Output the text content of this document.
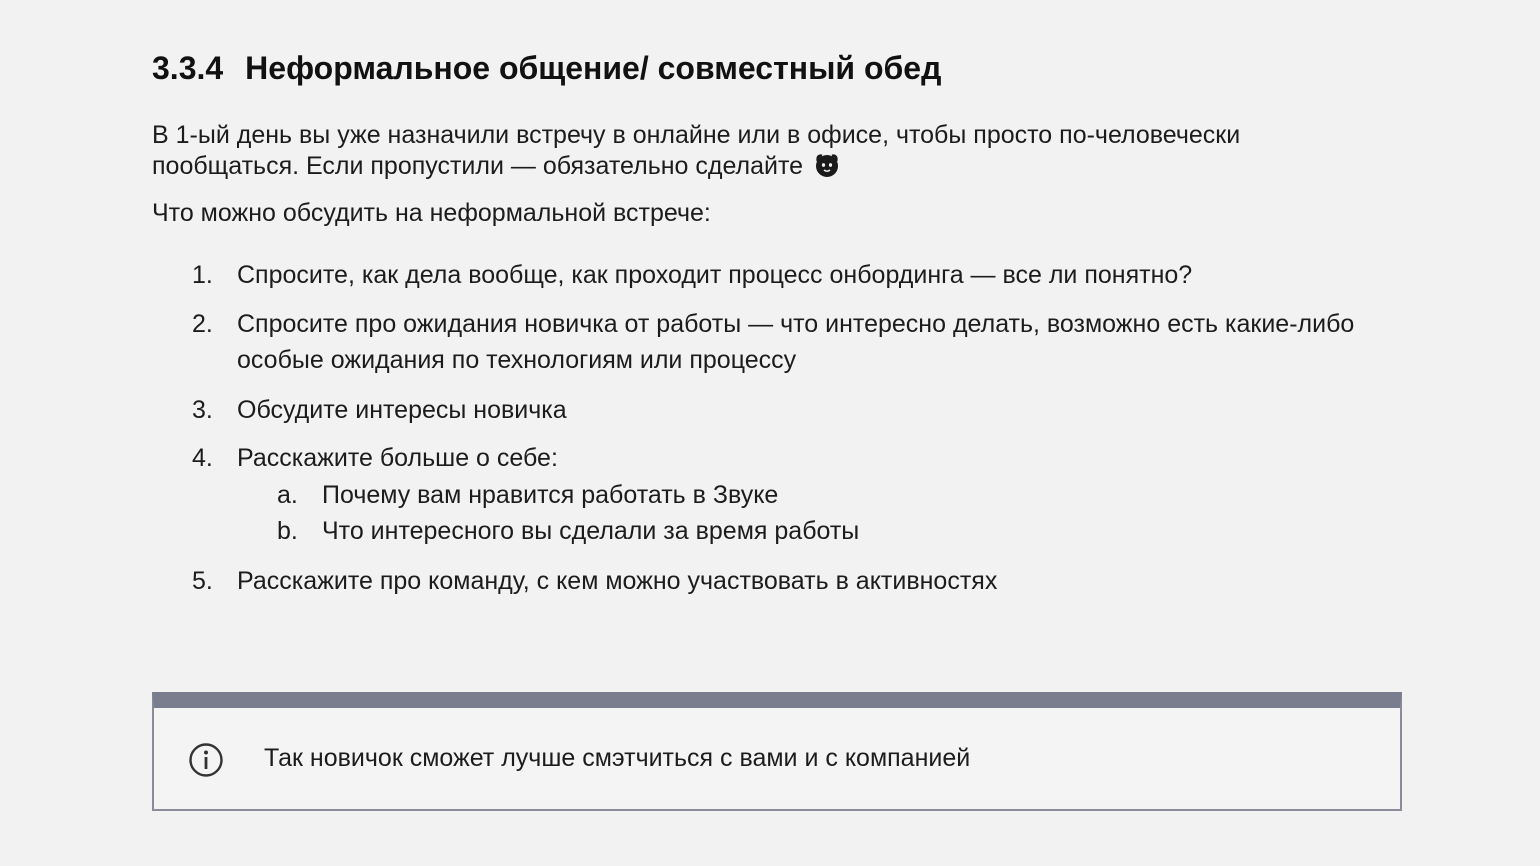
3.3.4 Неформальное общение/ совместный обед

В 1-ый день вы уже назначили встречу в онлайне или в офисе, чтобы просто по-человечески
пообщаться. Если пропустили — обязательно сделайте

Что можно обсудить на неформальной встрече:

1. Спросите, как дела вообще, как проходит процесс онбординга — все ли понятно?
2. Спросите про ожидания новичка от работы — что интересно делать, возможно есть какие-либо
особые ожидания по технологиям или процессу
3. Обсудите интересы новичка
4. Расскажите больше о себе:
a. Почему вам нравится работать в Звуке
b. Что интересного вы сделали за время работы
5. Расскажите про команду, с кем можно участвовать в активностях
Так новичок сможет лучше смэтчиться с вами и с компанией
